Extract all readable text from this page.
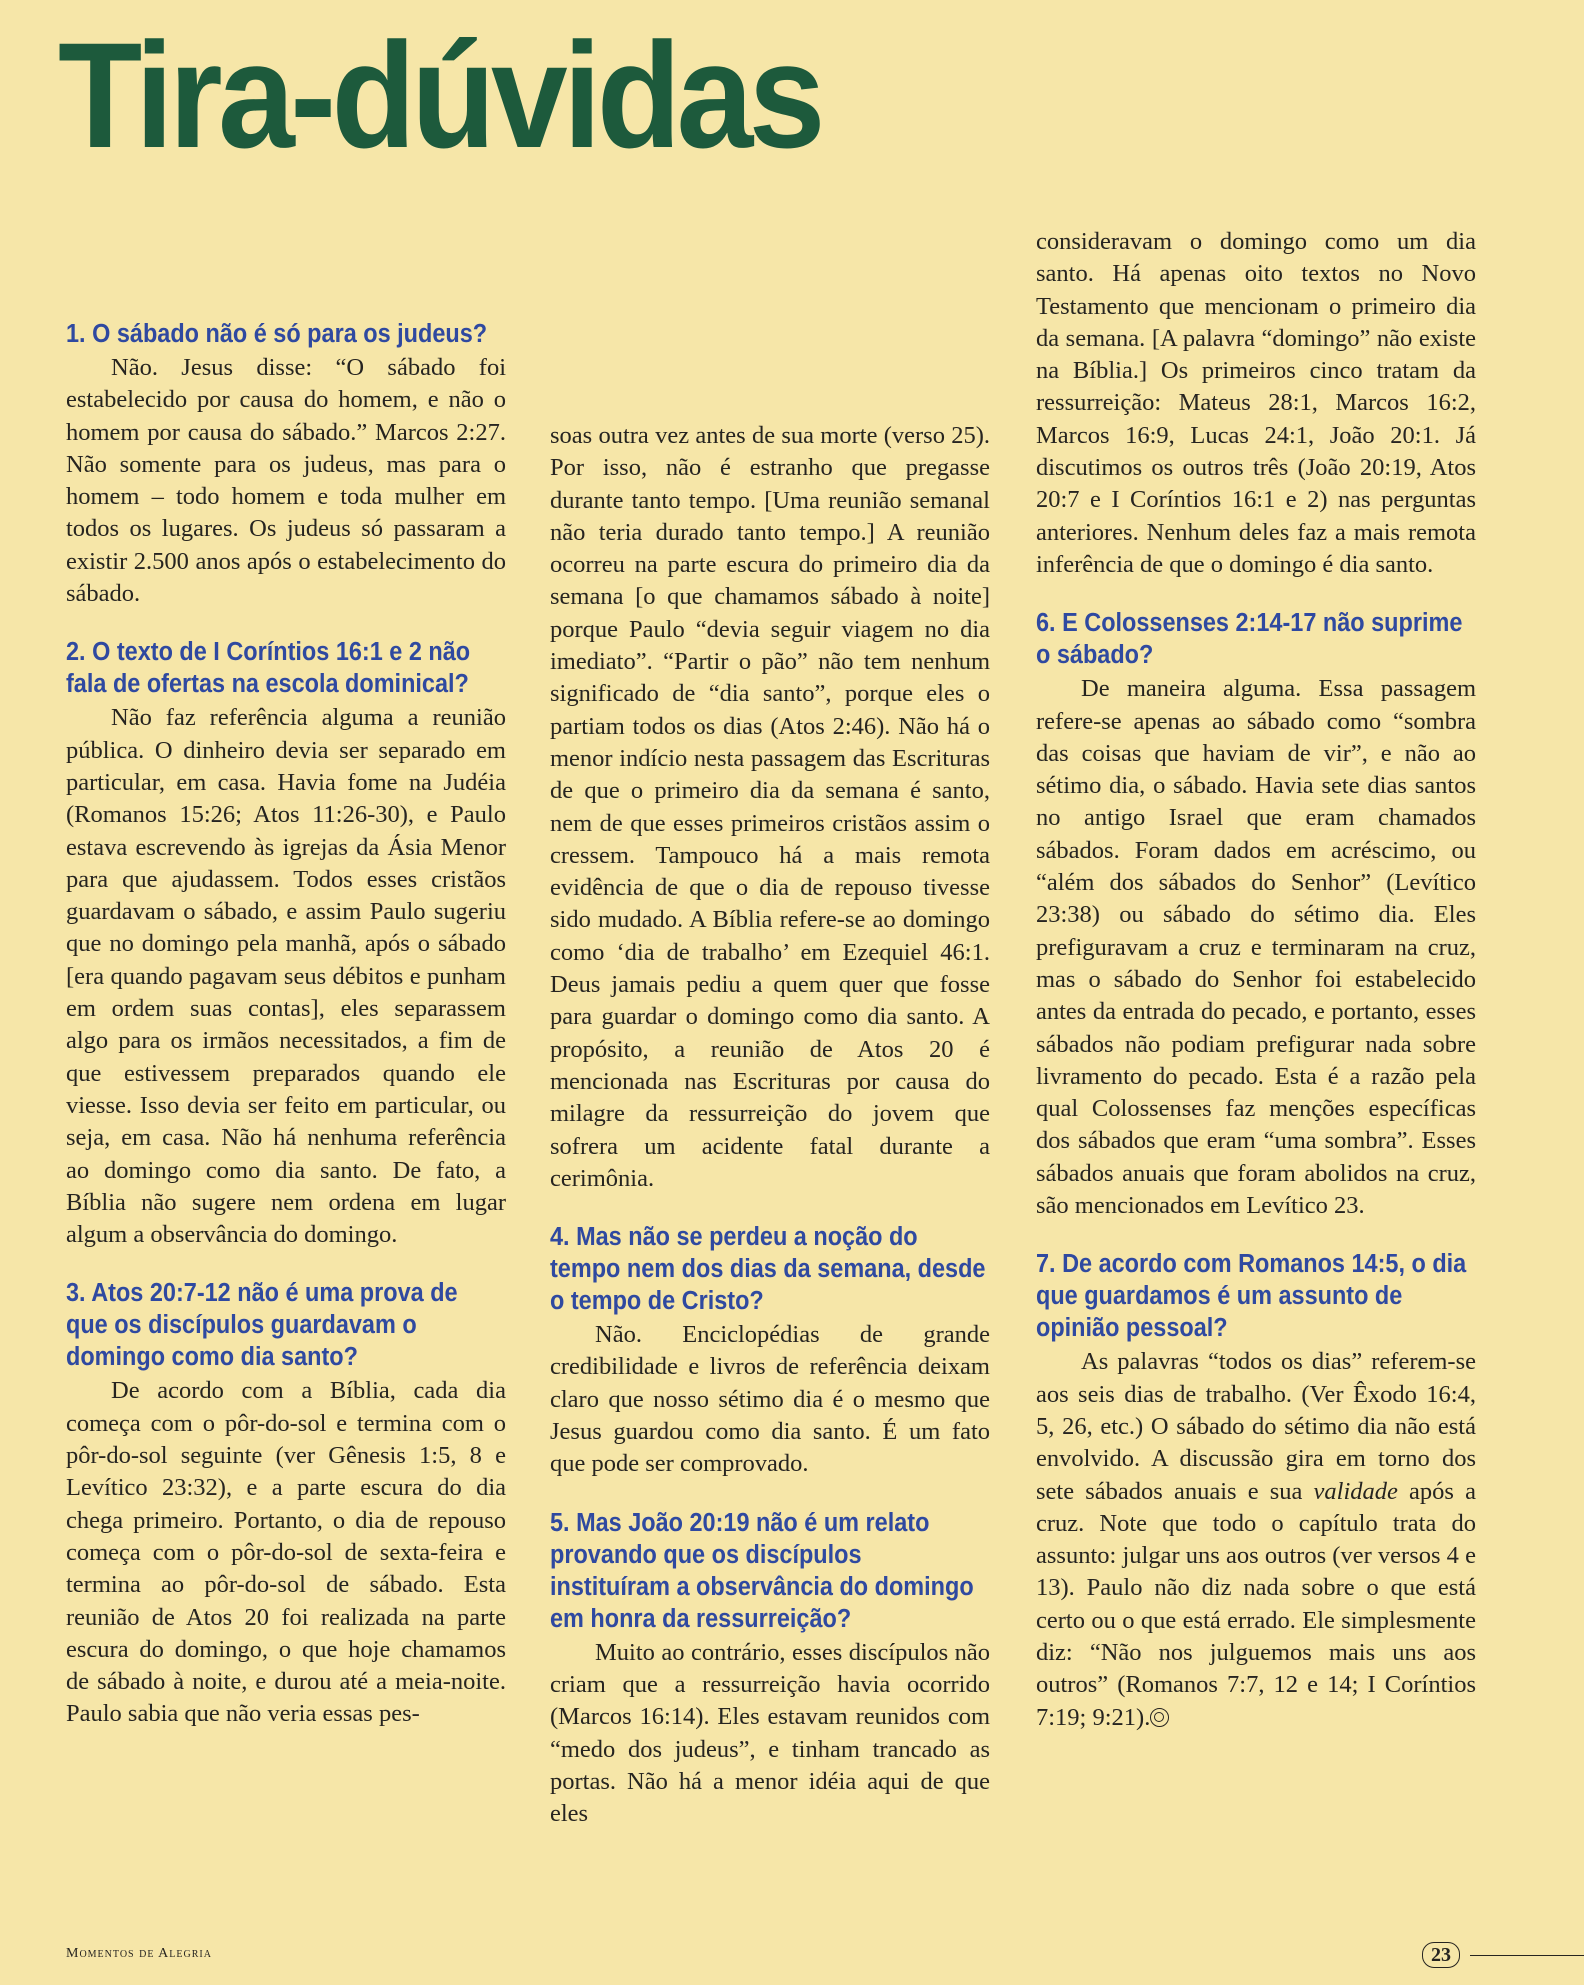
Tira-dúvidas
1. O sábado não é só para os judeus?

Não. Jesus disse: “O sábado foi estabelecido por causa do homem, e não o homem por causa do sábado.” Marcos 2:27. Não somente para os judeus, mas para o homem – todo homem e toda mulher em todos os lugares. Os judeus só passaram a existir 2.500 anos após o estabelecimento do sábado.

2. O texto de I Coríntios 16:1 e 2 não fala de ofertas na escola dominical?

Não faz referência alguma a reunião pública. O dinheiro devia ser separado em particular, em casa. Havia fome na Judéia (Romanos 15:26; Atos 11:26-30), e Paulo estava escrevendo às igrejas da Ásia Menor para que ajudassem. Todos esses cristãos guardavam o sábado, e assim Paulo sugeriu que no domingo pela manhã, após o sábado [era quando pagavam seus débitos e punham em ordem suas contas], eles separassem algo para os irmãos necessitados, a fim de que estivessem preparados quando ele viesse. Isso devia ser feito em particular, ou seja, em casa. Não há nenhuma referência ao domingo como dia santo. De fato, a Bíblia não sugere nem ordena em lugar algum a observância do domingo.

3. Atos 20:7-12 não é uma prova de que os discípulos guardavam o domingo como dia santo?

De acordo com a Bíblia, cada dia começa com o pôr-do-sol e termina com o pôr-do-sol seguinte (ver Gênesis 1:5, 8 e Levítico 23:32), e a parte escura do dia chega primeiro. Portanto, o dia de repouso começa com o pôr-do-sol de sexta-feira e termina ao pôr-do-sol de sábado. Esta reunião de Atos 20 foi realizada na parte escura do domingo, o que hoje chamamos de sábado à noite, e durou até a meia-noite. Paulo sabia que não veria essas pes-

soas outra vez antes de sua morte (verso 25). Por isso, não é estranho que pregasse durante tanto tempo. [Uma reunião semanal não teria durado tanto tempo.] A reunião ocorreu na parte escura do primeiro dia da semana [o que chamamos sábado à noite] porque Paulo “devia seguir viagem no dia imediato”. “Partir o pão” não tem nenhum significado de “dia santo”, porque eles o partiam todos os dias (Atos 2:46). Não há o menor indício nesta passagem das Escrituras de que o primeiro dia da semana é santo, nem de que esses primeiros cristãos assim o cressem. Tampouco há a mais remota evidência de que o dia de repouso tivesse sido mudado. A Bíblia refere-se ao domingo como ‘dia de trabalho’ em Ezequiel 46:1. Deus jamais pediu a quem quer que fosse para guardar o domingo como dia santo. A propósito, a reunião de Atos 20 é mencionada nas Escrituras por causa do milagre da ressurreição do jovem que sofrera um acidente fatal durante a cerimônia.

4. Mas não se perdeu a noção do tempo nem dos dias da semana, desde o tempo de Cristo?

Não. Enciclopédias de grande credibilidade e livros de referência deixam claro que nosso sétimo dia é o mesmo que Jesus guardou como dia santo. É um fato que pode ser comprovado.

5. Mas João 20:19 não é um relato provando que os discípulos instituíram a observância do domingo em honra da ressurreição?

Muito ao contrário, esses discípulos não criam que a ressurreição havia ocorrido (Marcos 16:14). Eles estavam reunidos com “medo dos judeus”, e tinham trancado as portas. Não há a menor idéia aqui de que eles

consideravam o domingo como um dia santo. Há apenas oito textos no Novo Testamento que mencionam o primeiro dia da semana. [A palavra “domingo” não existe na Bíblia.] Os primeiros cinco tratam da ressurreição: Mateus 28:1, Marcos 16:2, Marcos 16:9, Lucas 24:1, João 20:1. Já discutimos os outros três (João 20:19, Atos 20:7 e I Coríntios 16:1 e 2) nas perguntas anteriores. Nenhum deles faz a mais remota inferência de que o domingo é dia santo.

6. E Colossenses 2:14-17 não suprime o sábado?

De maneira alguma. Essa passagem refere-se apenas ao sábado como “sombra das coisas que haviam de vir”, e não ao sétimo dia, o sábado. Havia sete dias santos no antigo Israel que eram chamados sábados. Foram dados em acréscimo, ou “além dos sábados do Senhor” (Levítico 23:38) ou sábado do sétimo dia. Eles prefiguravam a cruz e terminaram na cruz, mas o sábado do Senhor foi estabelecido antes da entrada do pecado, e portanto, esses sábados não podiam prefigurar nada sobre livramento do pecado. Esta é a razão pela qual Colossenses faz menções específicas dos sábados que eram “uma sombra”. Esses sábados anuais que foram abolidos na cruz, são mencionados em Levítico 23.

7. De acordo com Romanos 14:5, o dia que guardamos é um assunto de opinião pessoal?

As palavras “todos os dias” referem-se aos seis dias de trabalho. (Ver Êxodo 16:4, 5, 26, etc.) O sábado do sétimo dia não está envolvido. A discussão gira em torno dos sete sábados anuais e sua validade após a cruz. Note que todo o capítulo trata do assunto: julgar uns aos outros (ver versos 4 e 13). Paulo não diz nada sobre o que está certo ou o que está errado. Ele simplesmente diz: “Não nos julguemos mais uns aos outros” (Romanos 7:7, 12 e 14; I Coríntios 7:19; 9:21).

Momentos de Alegria	23
